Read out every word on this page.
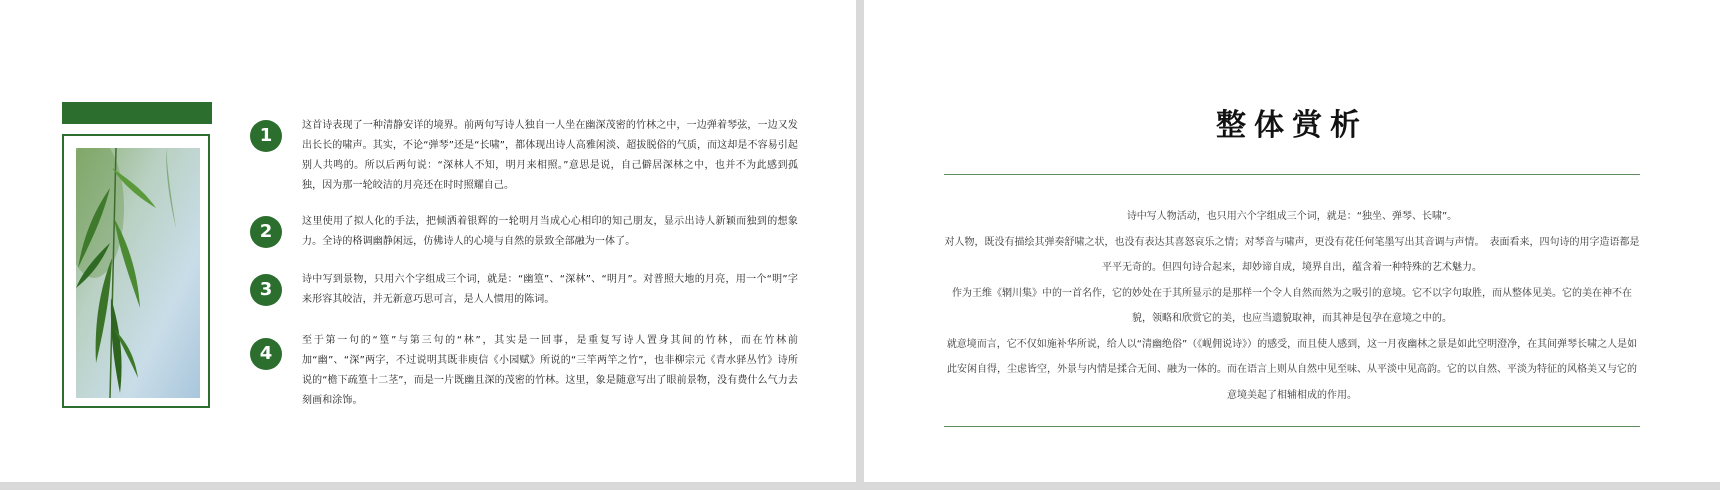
1	这首诗表现了一种清静安详的境界。前两句写诗人独自一人坐在幽深茂密的竹林之中，一边弹着琴弦，一边又发出长长的啸声。其实，不论“弹琴”还是“长啸”，都体现出诗人高雅闲淡、超拔脱俗的气质，而这却是不容易引起别人共鸣的。所以后两句说：“深林人不知，明月来相照。”意思是说，自己僻居深林之中，也并不为此感到孤独，因为那一轮皎洁的月亮还在时时照耀自己。
2	这里使用了拟人化的手法，把倾洒着银辉的一轮明月当成心心相印的知己朋友，显示出诗人新颖而独到的想象力。全诗的格调幽静闲远，仿佛诗人的心境与自然的景致全部融为一体了。
3	诗中写到景物，只用六个字组成三个词，就是：“幽篁”、“深林”、“明月”。对普照大地的月亮，用一个“明”字来形容其皎洁，并无新意巧思可言，是人人惯用的陈词。
4
至于第一句的“篁”与第三句的“林”，其实是一回事，是重复写诗人置身其间的竹林，而在竹林前加“幽”、“深”两字，不过说明其既非庾信《小园赋》所说的“三竿两竿之竹”，也非柳宗元《青水驿丛竹》诗所说的“檐下疏篁十二茎”，而是一片既幽且深的茂密的竹林。这里，象是随意写出了眼前景物，没有费什么气力去刻画和涂饰。
整体赏析
诗中写人物活动，也只用六个字组成三个词，就是：“独坐、弹琴、长啸”。
对人物，既没有描绘其弹奏舒啸之状，也没有表达其喜怒哀乐之情；对琴音与啸声，更没有花任何笔墨写出其音调与声情。　表面看来，四句诗的用字造语都是平平无奇的。但四句诗合起来，却妙谛自成，境界自出，蕴含着一种特殊的艺术魅力。
作为王维《辋川集》中的一首名作，它的妙处在于其所显示的是那样一个令人自然而然为之吸引的意境。它不以字句取胜，而从整体见美。它的美在神不在貌，领略和欣赏它的美，也应当遗貌取神，而其神是包孕在意境之中的。
就意境而言，它不仅如施补华所说，给人以“清幽绝俗”（《岘佣说诗》）的感受，而且使人感到，这一月夜幽林之景是如此空明澄净，在其间弹琴长啸之人是如此安闲自得，尘虑皆空，外景与内情是揉合无间、融为一体的。而在语言上则从自然中见至味、从平淡中见高韵。它的以自然、平淡为特征的风格美又与它的意境美起了相辅相成的作用。
